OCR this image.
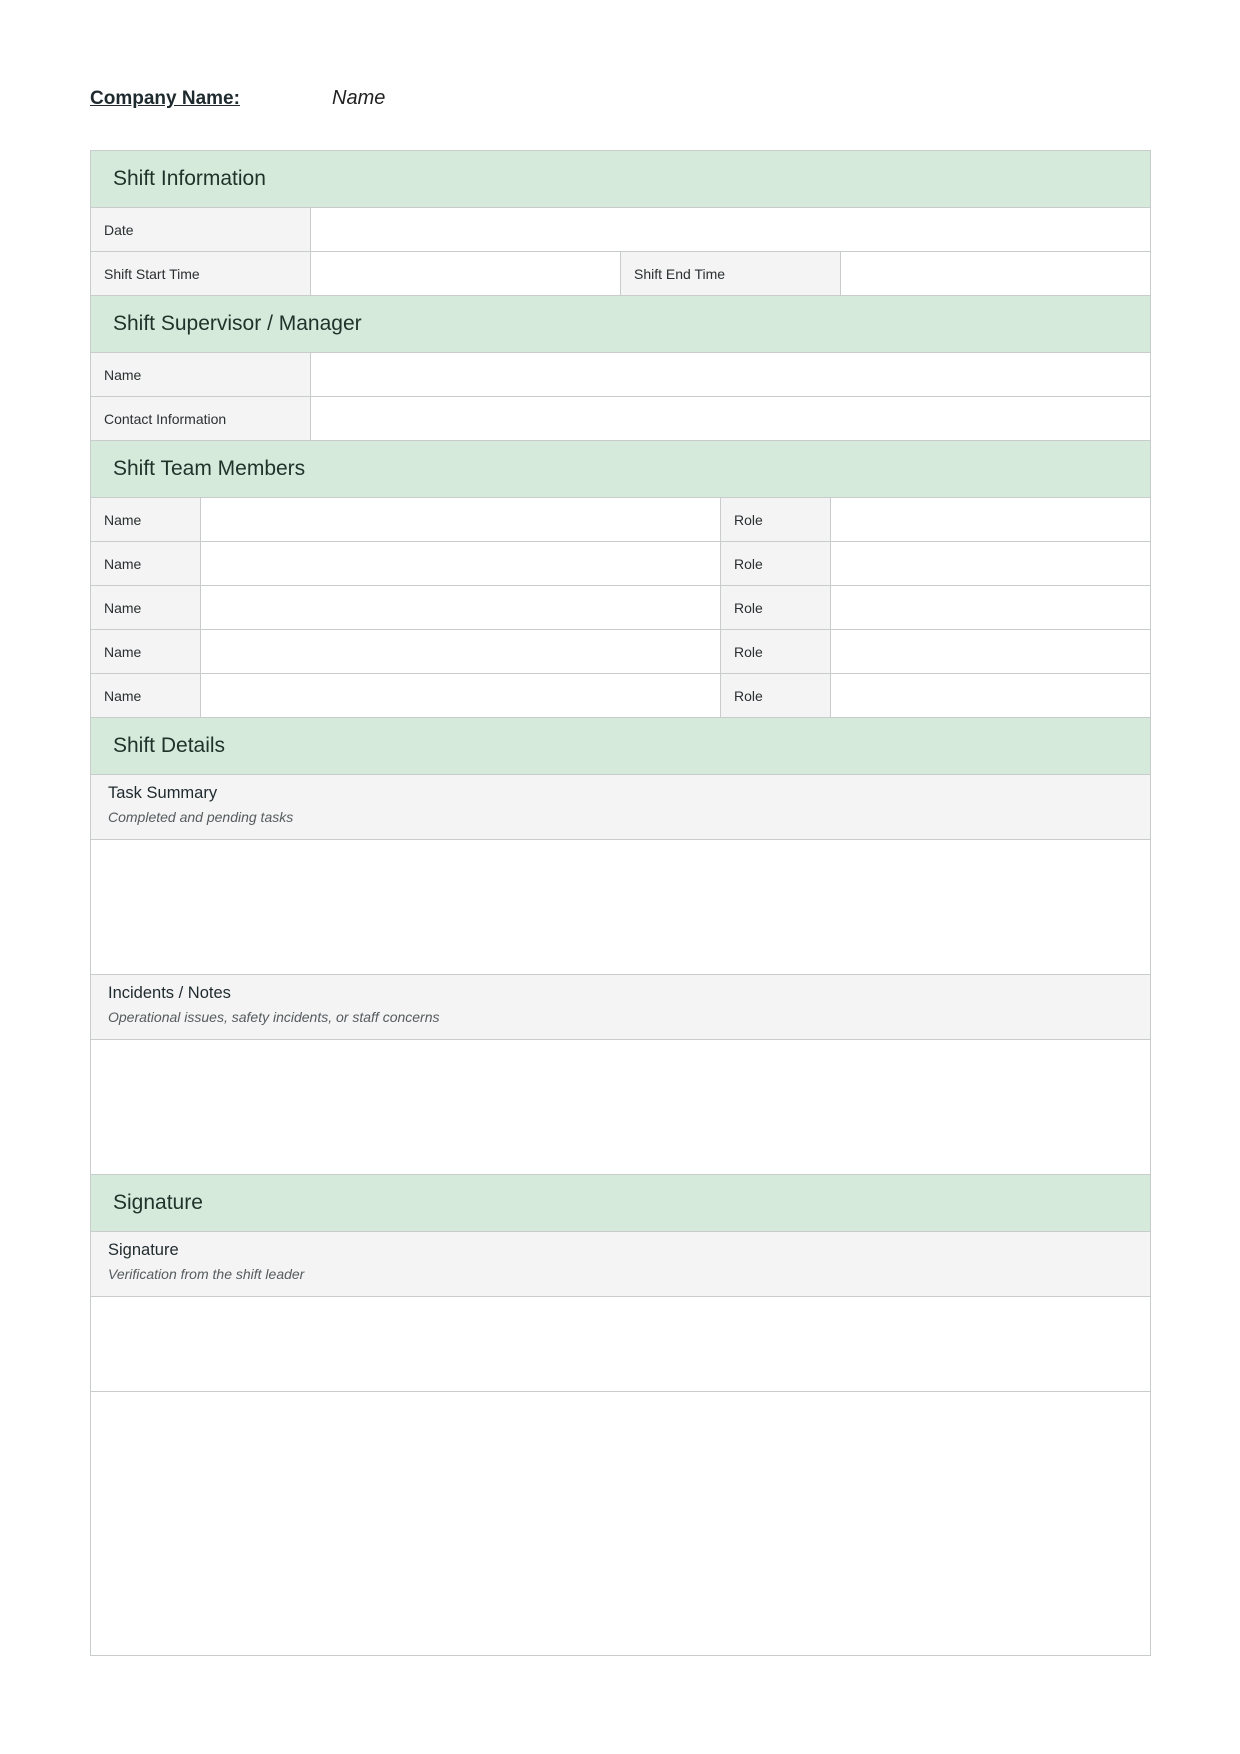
Company Name:	Name
Shift Information
Date
Shift Start Time	Shift End Time
Shift Supervisor / Manager
Name
Contact Information
Shift Team Members
Name	Role
Name	Role
Name	Role
Name	Role
Name	Role
Shift Details
Task Summary
Completed and pending tasks
Incidents / Notes
Operational issues, safety incidents, or staff concerns
Signature
Signature
Verification from the shift leader
